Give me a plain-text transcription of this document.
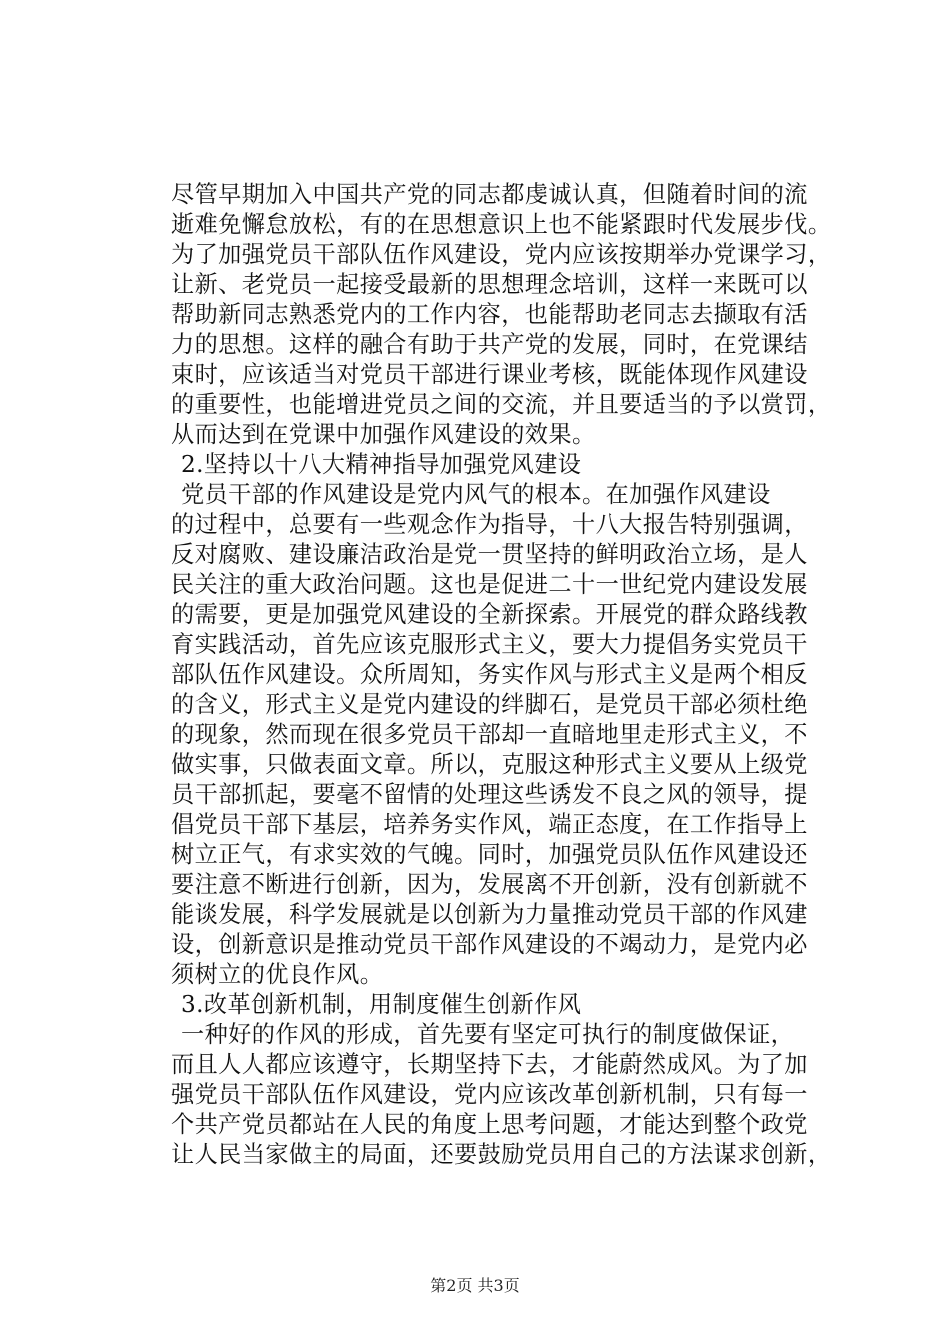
尽管早期加入中国共产党的同志都虔诚认真，但随着时间的流
逝难免懈怠放松，有的在思想意识上也不能紧跟时代发展步伐。
为了加强党员干部队伍作风建设，党内应该按期举办党课学习，
让新、老党员一起接受最新的思想理念培训，这样一来既可以
帮助新同志熟悉党内的工作内容，也能帮助老同志去撷取有活
力的思想。这样的融合有助于共产党的发展，同时，在党课结
束时，应该适当对党员干部进行课业考核，既能体现作风建设
的重要性，也能增进党员之间的交流，并且要适当的予以赏罚，
从而达到在党课中加强作风建设的效果。
2.坚持以十八大精神指导加强党风建设
党员干部的作风建设是党内风气的根本。在加强作风建设
的过程中，总要有一些观念作为指导，十八大报告特别强调，
反对腐败、建设廉洁政治是党一贯坚持的鲜明政治立场，是人
民关注的重大政治问题。这也是促进二十一世纪党内建设发展
的需要，更是加强党风建设的全新探索。开展党的群众路线教
育实践活动，首先应该克服形式主义，要大力提倡务实党员干
部队伍作风建设。众所周知，务实作风与形式主义是两个相反
的含义，形式主义是党内建设的绊脚石，是党员干部必须杜绝
的现象，然而现在很多党员干部却一直暗地里走形式主义，不
做实事，只做表面文章。所以，克服这种形式主义要从上级党
员干部抓起，要毫不留情的处理这些诱发不良之风的领导，提
倡党员干部下基层，培养务实作风，端正态度，在工作指导上
树立正气，有求实效的气魄。同时，加强党员队伍作风建设还
要注意不断进行创新，因为，发展离不开创新，没有创新就不
能谈发展，科学发展就是以创新为力量推动党员干部的作风建
设，创新意识是推动党员干部作风建设的不竭动力，是党内必
须树立的优良作风。
3.改革创新机制，用制度催生创新作风
一种好的作风的形成，首先要有坚定可执行的制度做保证，
而且人人都应该遵守，长期坚持下去，才能蔚然成风。为了加
强党员干部队伍作风建设，党内应该改革创新机制，只有每一
个共产党员都站在人民的角度上思考问题，才能达到整个政党
让人民当家做主的局面，还要鼓励党员用自己的方法谋求创新，
第2页 共3页
